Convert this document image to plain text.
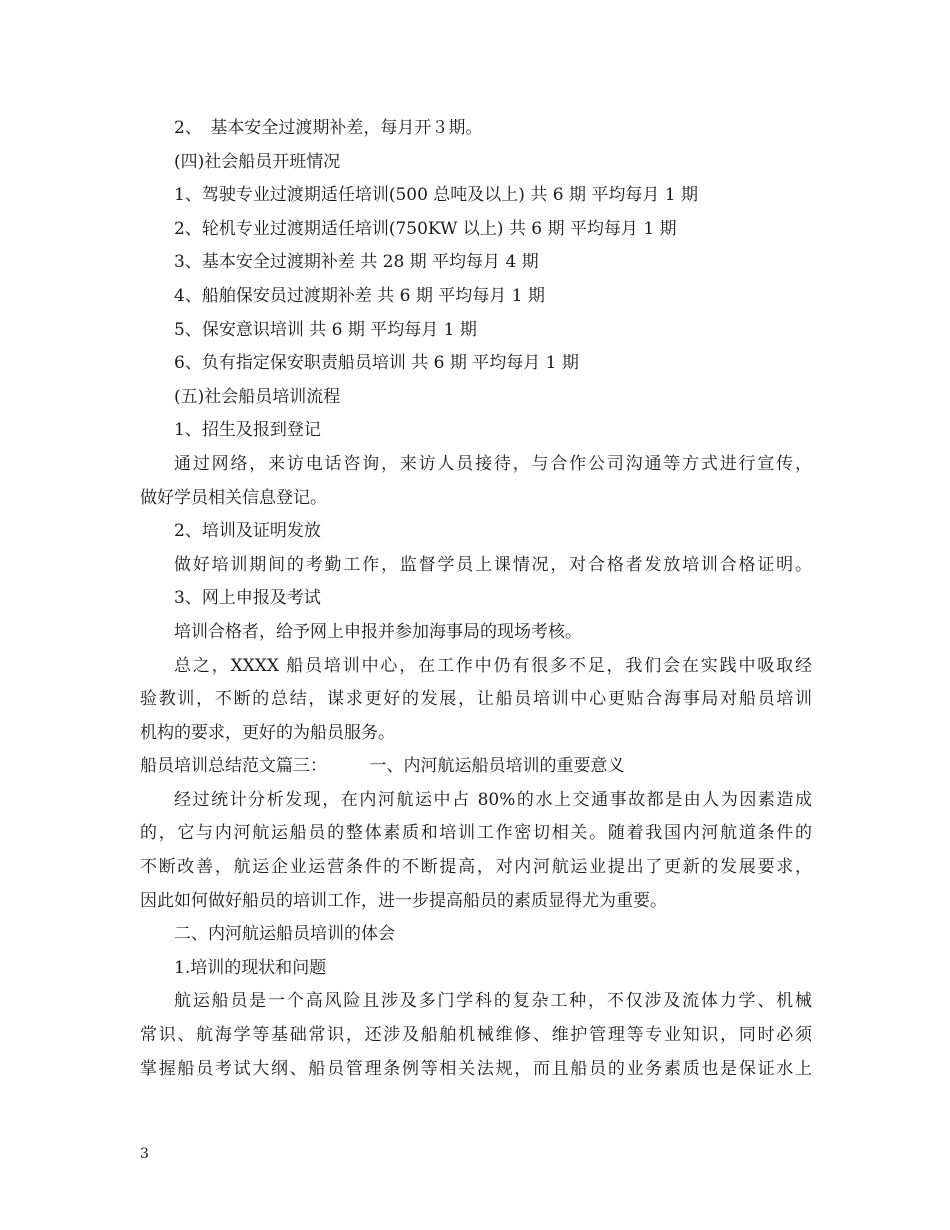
2、　基本安全过渡期补差，每月开３期。
(四)社会船员开班情况
1、驾驶专业过渡期适任培训(500 总吨及以上) 共 6 期 平均每月 1 期
2、轮机专业过渡期适任培训(750KW 以上) 共 6 期 平均每月 1 期
3、基本安全过渡期补差 共 28 期 平均每月 4 期
4、船舶保安员过渡期补差 共 6 期 平均每月 1 期
5、保安意识培训 共 6 期 平均每月 1 期
6、负有指定保安职责船员培训 共 6 期 平均每月 1 期
(五)社会船员培训流程
1、招生及报到登记
通过网络，来访电话咨询，来访人员接待，与合作公司沟通等方式进行宣传，
做好学员相关信息登记。
2、培训及证明发放
做好培训期间的考勤工作，监督学员上课情况，对合格者发放培训合格证明。
3、网上申报及考试
培训合格者，给予网上申报并参加海事局的现场考核。
总之，XXXX 船员培训中心，在工作中仍有很多不足，我们会在实践中吸取经
验教训，不断的总结，谋求更好的发展，让船员培训中心更贴合海事局对船员培训
机构的要求，更好的为船员服务。
船员培训总结范文篇三：　　　一、内河航运船员培训的重要意义
经过统计分析发现，在内河航运中占 80%的水上交通事故都是由人为因素造成
的，它与内河航运船员的整体素质和培训工作密切相关。随着我国内河航道条件的
不断改善，航运企业运营条件的不断提高，对内河航运业提出了更新的发展要求，
因此如何做好船员的培训工作，进一步提高船员的素质显得尤为重要。
二、内河航运船员培训的体会
1.培训的现状和问题
航运船员是一个高风险且涉及多门学科的复杂工种，不仅涉及流体力学、机械
常识、航海学等基础常识，还涉及船舶机械维修、维护管理等专业知识，同时必须
掌握船员考试大纲、船员管理条例等相关法规，而且船员的业务素质也是保证水上
3
